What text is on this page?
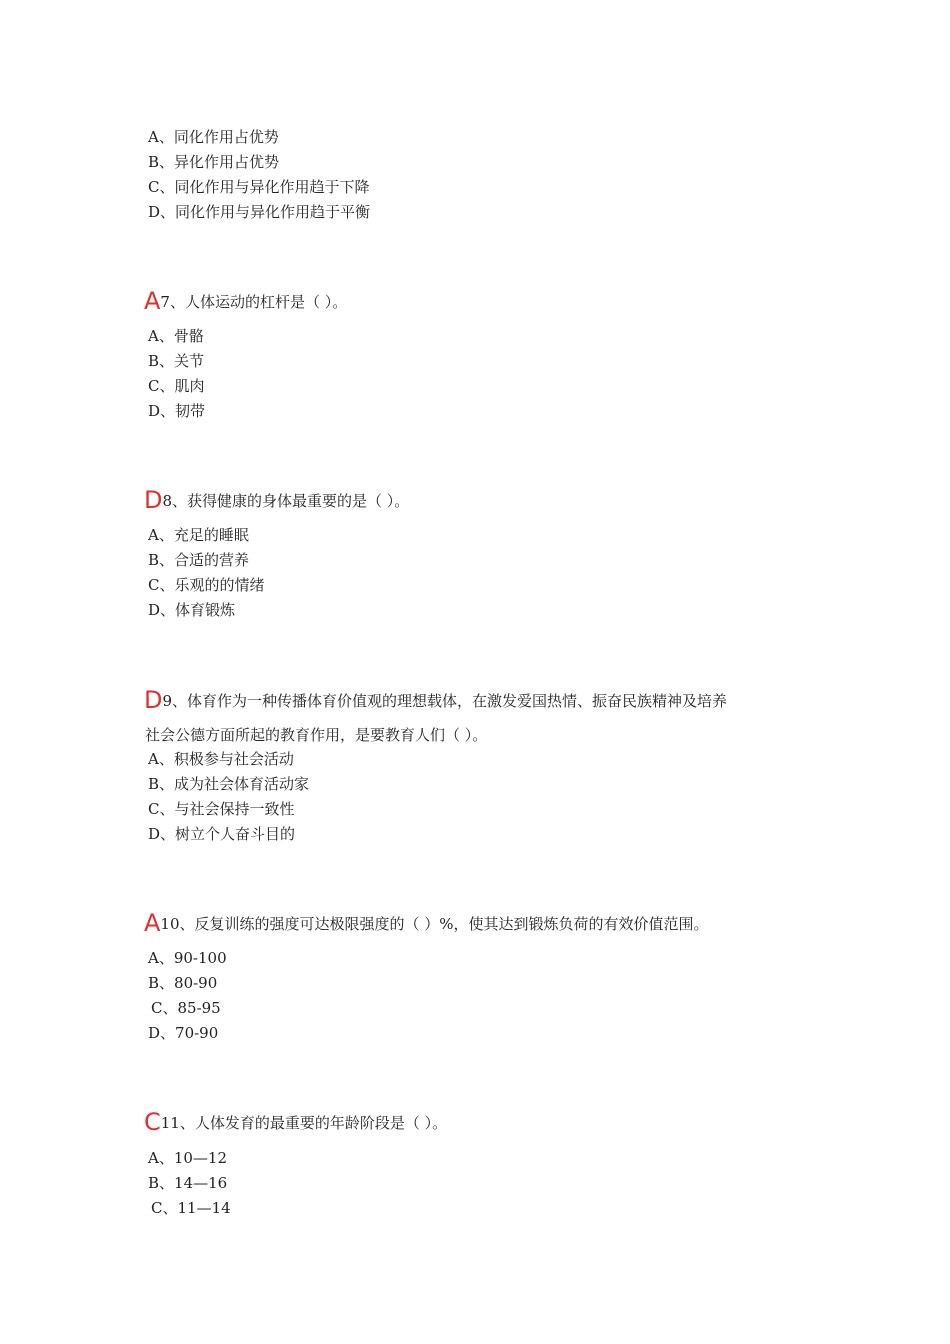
A、同化作用占优势
B、异化作用占优势
C、同化作用与异化作用趋于下降
D、同化作用与异化作用趋于平衡
A7、人体运动的杠杆是（ ）。
A、骨骼
B、关节
C、肌肉
D、韧带
D8、获得健康的身体最重要的是（ ）。
A、充足的睡眠
B、合适的营养
C、乐观的的情绪
D、体育锻炼
D9、体育作为一种传播体育价值观的理想载体，在激发爱国热情、振奋民族精神及培养
社会公德方面所起的教育作用，是要教育人们（ ）。
A、积极参与社会活动
B、成为社会体育活动家
C、与社会保持一致性
D、树立个人奋斗目的
A10、反复训练的强度可达极限强度的（ ）%，使其达到锻炼负荷的有效价值范围。
A、90-100
B、80-90
C、85-95
D、70-90
C11、人体发育的最重要的年龄阶段是（ ）。
A、10—12
B、14—16
C、11—14
